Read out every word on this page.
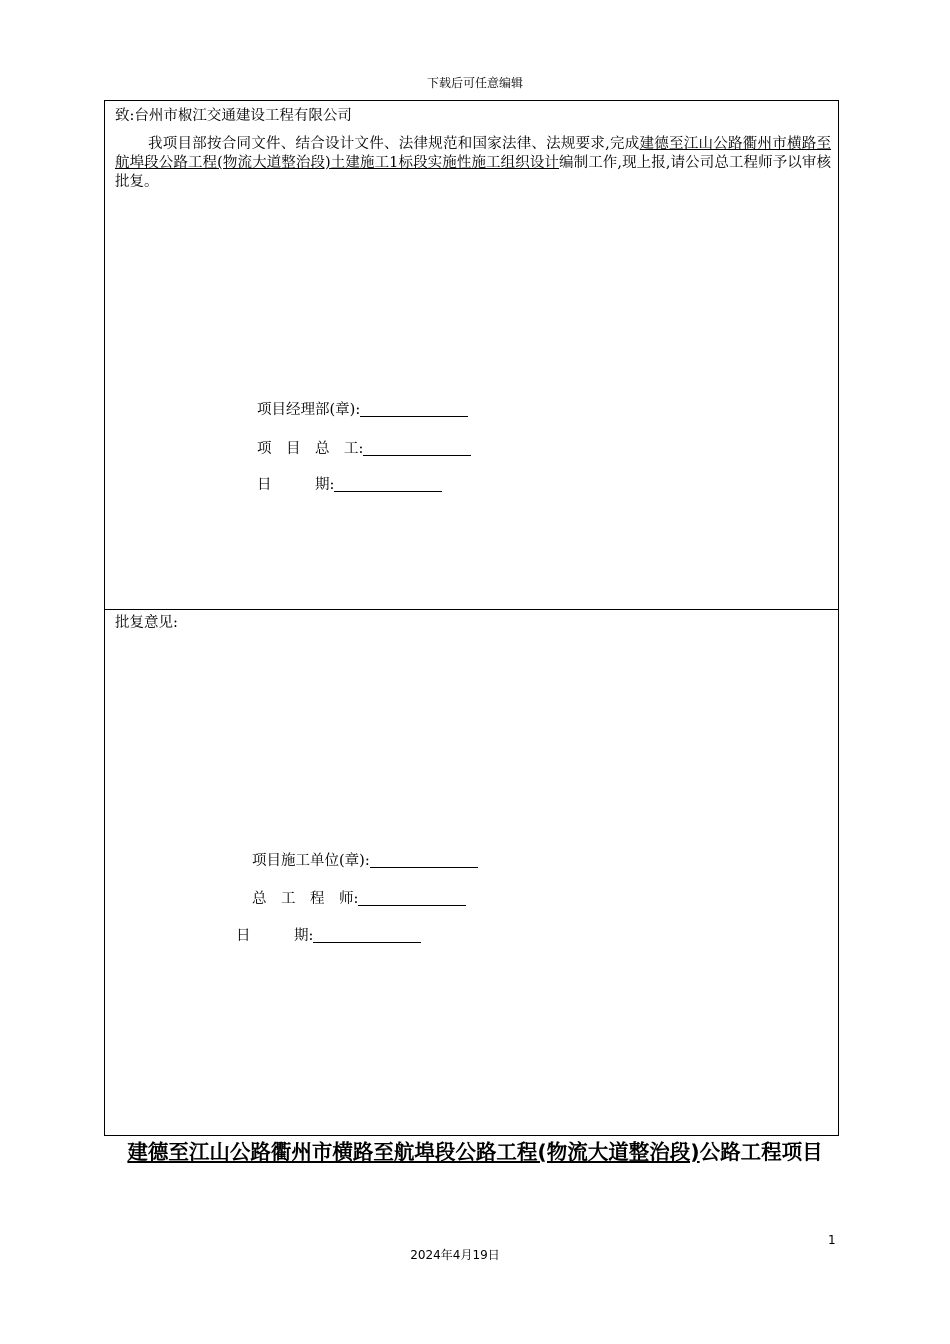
下载后可任意编辑
致:台州市椒江交通建设工程有限公司
我项目部按合同文件、结合设计文件、法律规范和国家法律、法规要求,完成建德至江山公路衢州市横路至航埠段公路工程(物流大道整治段)土建施工1标段实施性施工组织设计编制工作,现上报,请公司总工程师予以审核批复。
项目经理部(章):
项　目　总　工:
日　　　期:
批复意见:
项目施工单位(章):
总　工　程　师:
日　　　期:
建德至江山公路衢州市横路至航埠段公路工程(物流大道整治段)公路工程项目
1
2024年4月19日
